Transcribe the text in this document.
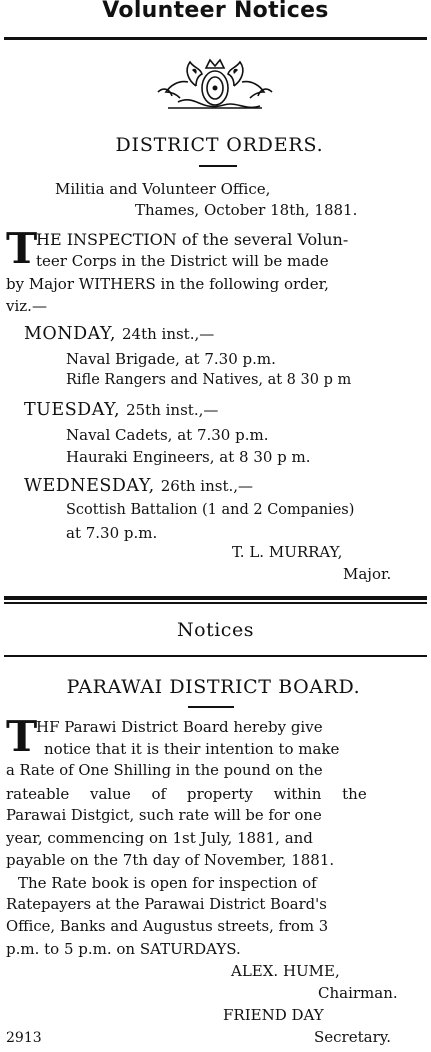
Volunteer Notices
DISTRICT ORDERS.
Militia and Volunteer Office,
Thames, October 18th, 1881.
T
HE INSPECTION of the several Volun-
teer Corps in the District will be made
by Major WITHERS in the following order,
viz.—
MONDAY, 24th inst.,—
Naval Brigade, at 7.30 p.m.
Rifle Rangers and Natives, at 8 30 p m
TUESDAY, 25th inst.,—
Naval Cadets, at 7.30 p.m.
Hauraki Engineers, at 8 30 p m.
WEDNESDAY, 26th inst.,—
Scottish Battalion (1 and 2 Companies)
at 7.30 p.m.
T. L. MURRAY,
Major.
Notices
PARAWAI DISTRICT BOARD.
T
HF Parawi District Board hereby give
notice that it is their intention to make
a Rate of One Shilling in the pound on the
rateable value of property within the
Parawai Distgict, such rate will be for one
year, commencing on 1st July, 1881, and
payable on the 7th day of November, 1881.
The Rate book is open for inspection of
Ratepayers at the Parawai District Board's
Office, Banks and Augustus streets, from 3
p.m. to 5 p.m. on SATURDAYS.
ALEX. HUME,
Chairman.
FRIEND DAY
Secretary.
2913
